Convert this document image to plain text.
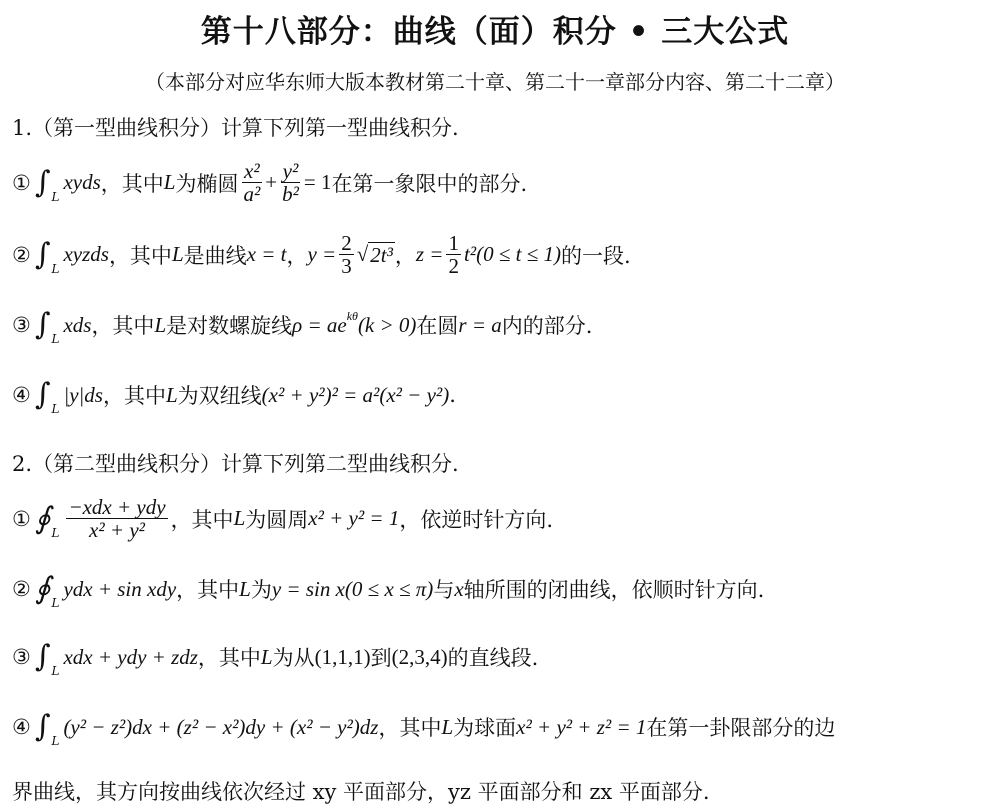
第十八部分：曲线（面）积分 • 三大公式
（本部分对应华东师大版本教材第二十章、第二十一章部分内容、第二十二章）
1.（第一型曲线积分）计算下列第一型曲线积分.
① ∫ L
xyds ，其中 L 为椭圆 $\frac{\text{x²}}{\text{a²}} + \frac{\text{y²}}{\text{b²}} = 1$ 在第一象限中的部分.
② ∫ L
xyzds ，其中 L 是曲线 x = t ， $y = \frac{2}{3}$ √ 2t³ ， $z = \frac{1}{2} t^2$ (0 ≤ t ≤ 1) 的一段.
③ ∫ L
xds ，其中 L 是对数螺旋线 $\rho = ae^{k\theta}$ (k > 0) 在圆 r = a 内的部分.
④ ∫ L
|y|ds ，其中 L 为双纽线 (x² + y²)² = a²(x² − y²) .
2.（第二型曲线积分）计算下列第二型曲线积分.
① ∮ L $\frac{\text{−xdx + ydy}}{\text{x² + y²}}$ ，其中 L 为圆周 x² + y² = 1 ，依逆时针方向.
② ∮ L
ydx + sin xdy ，其中 L 为 y = sin x (0 ≤ x ≤ π) 与 x 轴所围的闭曲线，依顺时针方向.
③ ∫ L
xdx + ydy + zdz ，其中 L 为从 (1,1,1) 到 (2,3,4) 的直线段.
④ ∫ L
(y² − z²)dx + (z² − x²)dy + (x² − y²)dz ，其中 L 为球面 x² + y² + z² = 1 在第一卦限部分的边
界曲线，其方向按曲线依次经过 xy 平面部分，yz 平面部分和 zx 平面部分.
